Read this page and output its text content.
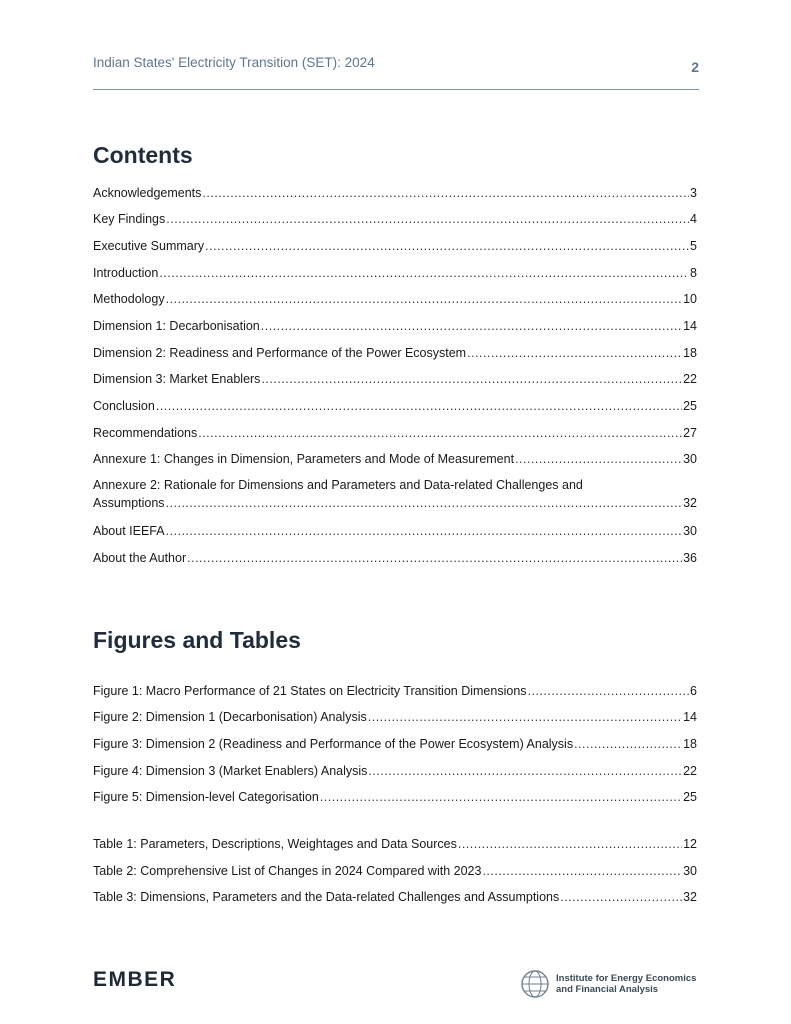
Indian States' Electricity Transition (SET): 2024	2
Contents
Acknowledgements .....	3
Key Findings .....	4
Executive Summary .....	5
Introduction .....	8
Methodology .....	10
Dimension 1: Decarbonisation .....	14
Dimension 2: Readiness and Performance of the Power Ecosystem .....	18
Dimension 3: Market Enablers .....	22
Conclusion .....	25
Recommendations .....	27
Annexure 1: Changes in Dimension, Parameters and Mode of Measurement .....	30
Annexure 2: Rationale for Dimensions and Parameters and Data-related Challenges and
Assumptions .....	32
About IEEFA .....	30
About the Author .....	36
Figures and Tables
Figure 1: Macro Performance of 21 States on Electricity Transition Dimensions .....	6
Figure 2: Dimension 1 (Decarbonisation) Analysis .....	14
Figure 3: Dimension 2 (Readiness and Performance of the Power Ecosystem) Analysis .....	18
Figure 4: Dimension 3 (Market Enablers) Analysis .....	22
Figure 5: Dimension-level Categorisation .....	25
Table 1: Parameters, Descriptions, Weightages and Data Sources .....	12
Table 2: Comprehensive List of Changes in 2024 Compared with 2023 .....	30
Table 3: Dimensions, Parameters and the Data-related Challenges and Assumptions .....	32
EMBER	Institute for Energy Economics
and Financial Analysis
